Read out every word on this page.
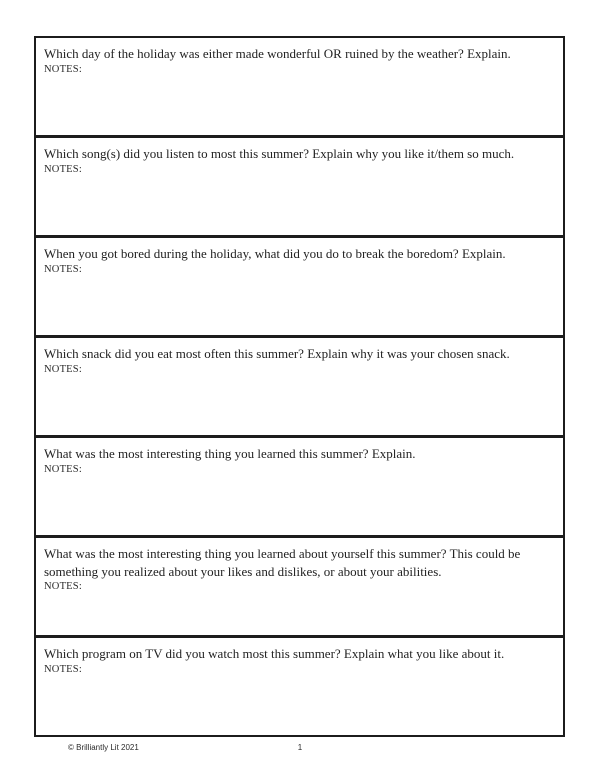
Which day of the holiday was either made wonderful OR ruined by the weather? Explain.
NOTES:
Which song(s) did you listen to most this summer? Explain why you like it/them so much.
NOTES:
When you got bored during the holiday, what did you do to break the boredom? Explain.
NOTES:
Which snack did you eat most often this summer? Explain why it was your chosen snack.
NOTES:
What was the most interesting thing you learned this summer? Explain.
NOTES:
What was the most interesting thing you learned about yourself this summer? This could be something you realized about your likes and dislikes, or about your abilities.
NOTES:
Which program on TV did you watch most this summer? Explain what you like about it.
NOTES:
© Brilliantly Lit 2021	1
